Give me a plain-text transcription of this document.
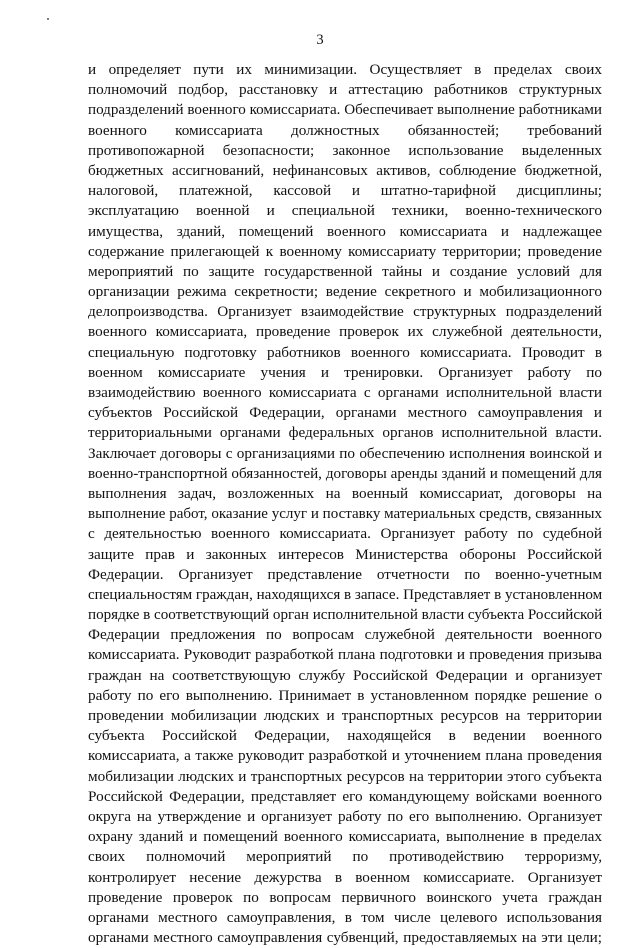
3
и определяет пути их минимизации. Осуществляет в пределах своих
полномочий подбор, расстановку и аттестацию работников структурных
подразделений военного комиссариата. Обеспечивает выполнение работниками
военного комиссариата должностных обязанностей; требований
противопожарной безопасности; законное использование выделенных
бюджетных ассигнований, нефинансовых активов, соблюдение бюджетной,
налоговой, платежной, кассовой и штатно-тарифной дисциплины;
эксплуатацию военной и специальной техники, военно-технического
имущества, зданий, помещений военного комиссариата и надлежащее
содержание прилегающей к военному комиссариату территории; проведение
мероприятий по защите государственной тайны и создание условий для
организации режима секретности; ведение секретного и мобилизационного
делопроизводства. Организует взаимодействие структурных подразделений
военного комиссариата, проведение проверок их служебной деятельности,
специальную подготовку работников военного комиссариата. Проводит в
военном комиссариате учения и тренировки. Организует работу по
взаимодействию военного комиссариата с органами исполнительной власти
субъектов Российской Федерации, органами местного самоуправления и
территориальными органами федеральных органов исполнительной власти.
Заключает договоры с организациями по обеспечению исполнения воинской и
военно-транспортной обязанностей, договоры аренды зданий и помещений для
выполнения задач, возложенных на военный комиссариат, договоры на
выполнение работ, оказание услуг и поставку материальных средств, связанных
с деятельностью военного комиссариата. Организует работу по судебной
защите прав и законных интересов Министерства обороны Российской
Федерации. Организует представление отчетности по военно-учетным
специальностям граждан, находящихся в запасе. Представляет в установленном
порядке в соответствующий орган исполнительной власти субъекта Российской
Федерации предложения по вопросам служебной деятельности военного
комиссариата. Руководит разработкой плана подготовки и проведения призыва
граждан на соответствующую службу Российской Федерации и организует
работу по его выполнению. Принимает в установленном порядке решение о
проведении мобилизации людских и транспортных ресурсов на территории
субъекта Российской Федерации, находящейся в ведении военного
комиссариата, а также руководит разработкой и уточнением плана проведения
мобилизации людских и транспортных ресурсов на территории этого субъекта
Российской Федерации, представляет его командующему войсками военного
округа на утверждение и организует работу по его выполнению. Организует
охрану зданий и помещений военного комиссариата, выполнение в пределах
своих полномочий мероприятий по противодействию терроризму,
контролирует несение дежурства в военном комиссариате. Организует
проведение проверок по вопросам первичного воинского учета граждан
органами местного самоуправления, в том числе целевого использования
органами местного самоуправления субвенций, предоставляемых на эти цели;
